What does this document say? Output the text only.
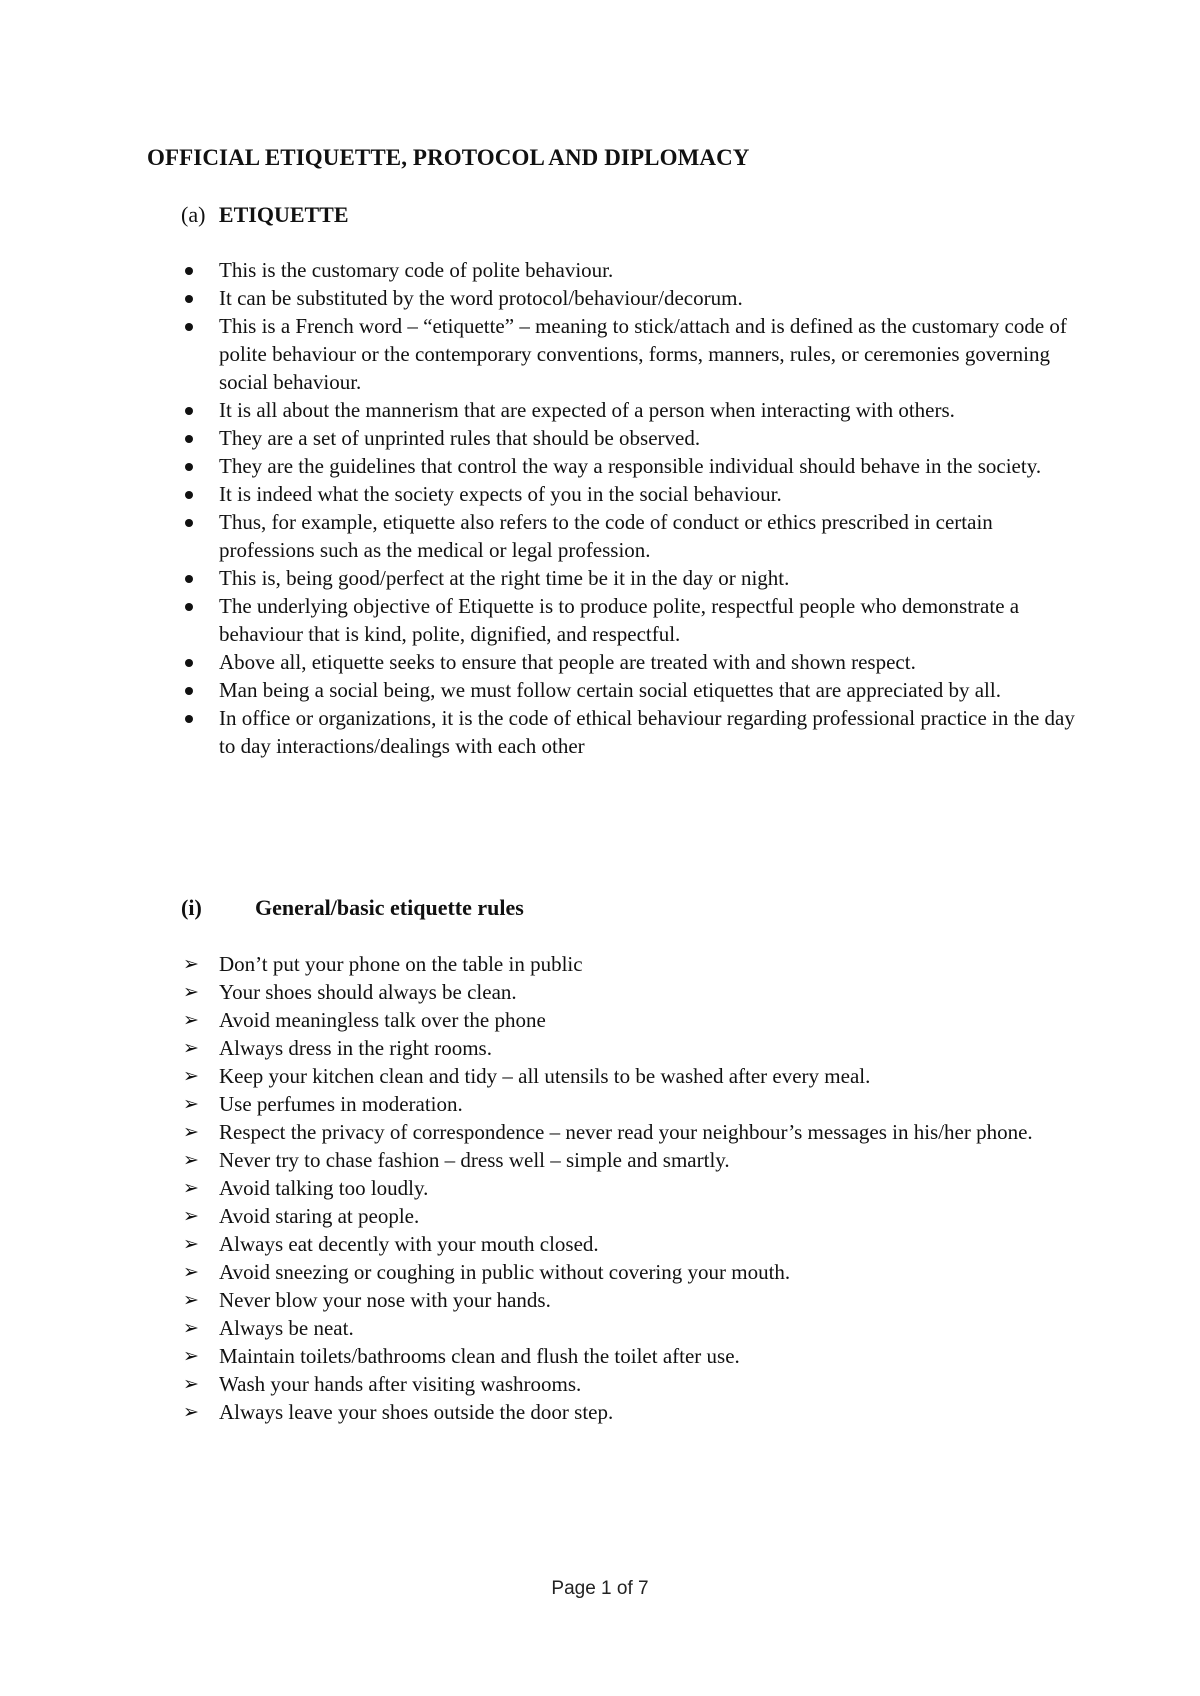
OFFICIAL ETIQUETTE, PROTOCOL AND DIPLOMACY
(a) ETIQUETTE
This is the customary code of polite behaviour.
It can be substituted by the word protocol/behaviour/decorum.
This is a French word – “etiquette” – meaning to stick/attach and is defined as the customary code of polite behaviour or the contemporary conventions, forms, manners, rules, or ceremonies governing social behaviour.
It is all about the mannerism that are expected of a person when interacting with others.
They are a set of unprinted rules that should be observed.
They are the guidelines that control the way a responsible individual should behave in the society.
It is indeed what the society expects of you in the social behaviour.
Thus, for example, etiquette also refers to the code of conduct or ethics prescribed in certain professions such as the medical or legal profession.
This is, being good/perfect at the right time be it in the day or night.
The underlying objective of Etiquette is to produce polite, respectful people who demonstrate a behaviour that is kind, polite, dignified, and respectful.
Above all, etiquette seeks to ensure that people are treated with and shown respect.
Man being a social being, we must follow certain social etiquettes that are appreciated by all.
In office or organizations, it is the code of ethical behaviour regarding professional practice in the day to day interactions/dealings with each other
(i) General/basic etiquette rules
➢ Don’t put your phone on the table in public
➢ Your shoes should always be clean.
➢ Avoid meaningless talk over the phone
➢ Always dress in the right rooms.
➢ Keep your kitchen clean and tidy – all utensils to be washed after every meal.
➢ Use perfumes in moderation.
➢ Respect the privacy of correspondence – never read your neighbour’s messages in his/her phone.
➢ Never try to chase fashion – dress well – simple and smartly.
➢ Avoid talking too loudly.
➢ Avoid staring at people.
➢ Always eat decently with your mouth closed.
➢ Avoid sneezing or coughing in public without covering your mouth.
➢ Never blow your nose with your hands.
➢ Always be neat.
➢ Maintain toilets/bathrooms clean and flush the toilet after use.
➢ Wash your hands after visiting washrooms.
➢ Always leave your shoes outside the door step.
Page 1 of 7
